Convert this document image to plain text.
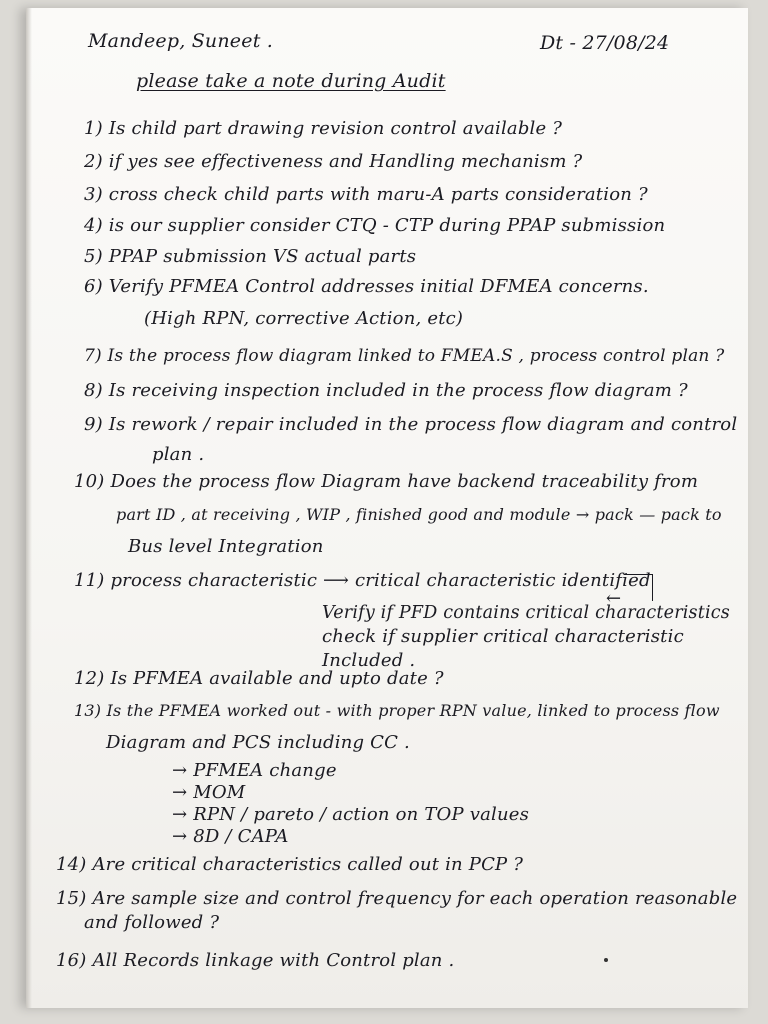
Mandeep, Suneet .	Dt - 27/08/24
please take a note during Audit
1) Is child part drawing revision control available ?
2) if yes see effectiveness and Handling mechanism ?
3) cross check child parts with maru-A parts consideration ?
4) is our supplier consider CTQ - CTP during PPAP submission
5) PPAP submission VS actual parts
6) Verify PFMEA Control addresses initial DFMEA concerns.
(High RPN, corrective Action, etc)
7) Is the process flow diagram linked to FMEA.S , process control plan ?
8) Is receiving inspection included in the process flow diagram ?
9) Is rework / repair included in the process flow diagram and control
plan .
10) Does the process flow Diagram have backend traceability from
part ID , at receiving , WIP , finished good and module → pack — pack to
Bus level Integration
11) process characteristic ⟶ critical characteristic identified
←
Verify if PFD contains critical characteristics
check if supplier critical characteristic
Included .
12) Is PFMEA available and upto date ?
13) Is the PFMEA worked out - with proper RPN value, linked to process flow
Diagram and PCS including CC .
→ PFMEA change
→ MOM
→ RPN / pareto / action on TOP values
→ 8D / CAPA
14) Are critical characteristics called out in PCP ?
15) Are sample size and control frequency for each operation reasonable
and followed ?
16) All Records linkage with Control plan .
